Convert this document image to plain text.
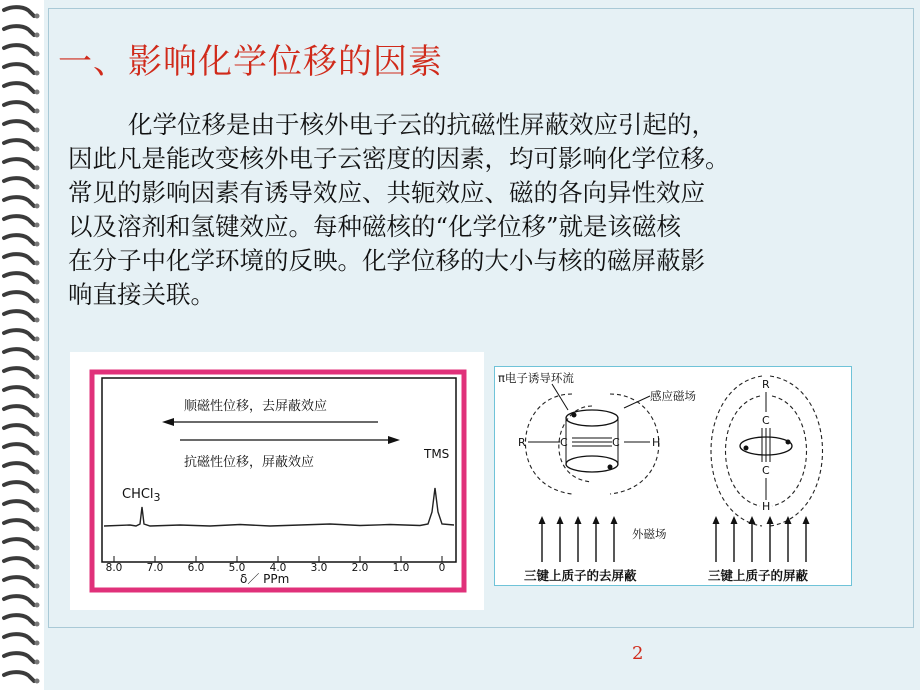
一、影响化学位移的因素

化学位移是由于核外电子云的抗磁性屏蔽效应引起的，
因此凡是能改变核外电子云密度的因素，均可影响化学位移。
常见的影响因素有诱导效应、共轭效应、磁的各向异性效应
以及溶剂和氢键效应。每种磁核的“化学位移”就是该磁核
在分子中化学环境的反映。化学位移的大小与核的磁屏蔽影
响直接关联。

顺磁性位移，去屏蔽效应
抗磁性位移，屏蔽效应
CHCl$_3$
TMS
8.0 7.0 6.0 5.0 4.0 3.0 2.0 1.0	0
δ／ PPm
R	C	C	H
π电子诱导环流
感应磁场
R
C
C
H
外磁场
三键上质子的去屏蔽	三键上质子的屏蔽
2
